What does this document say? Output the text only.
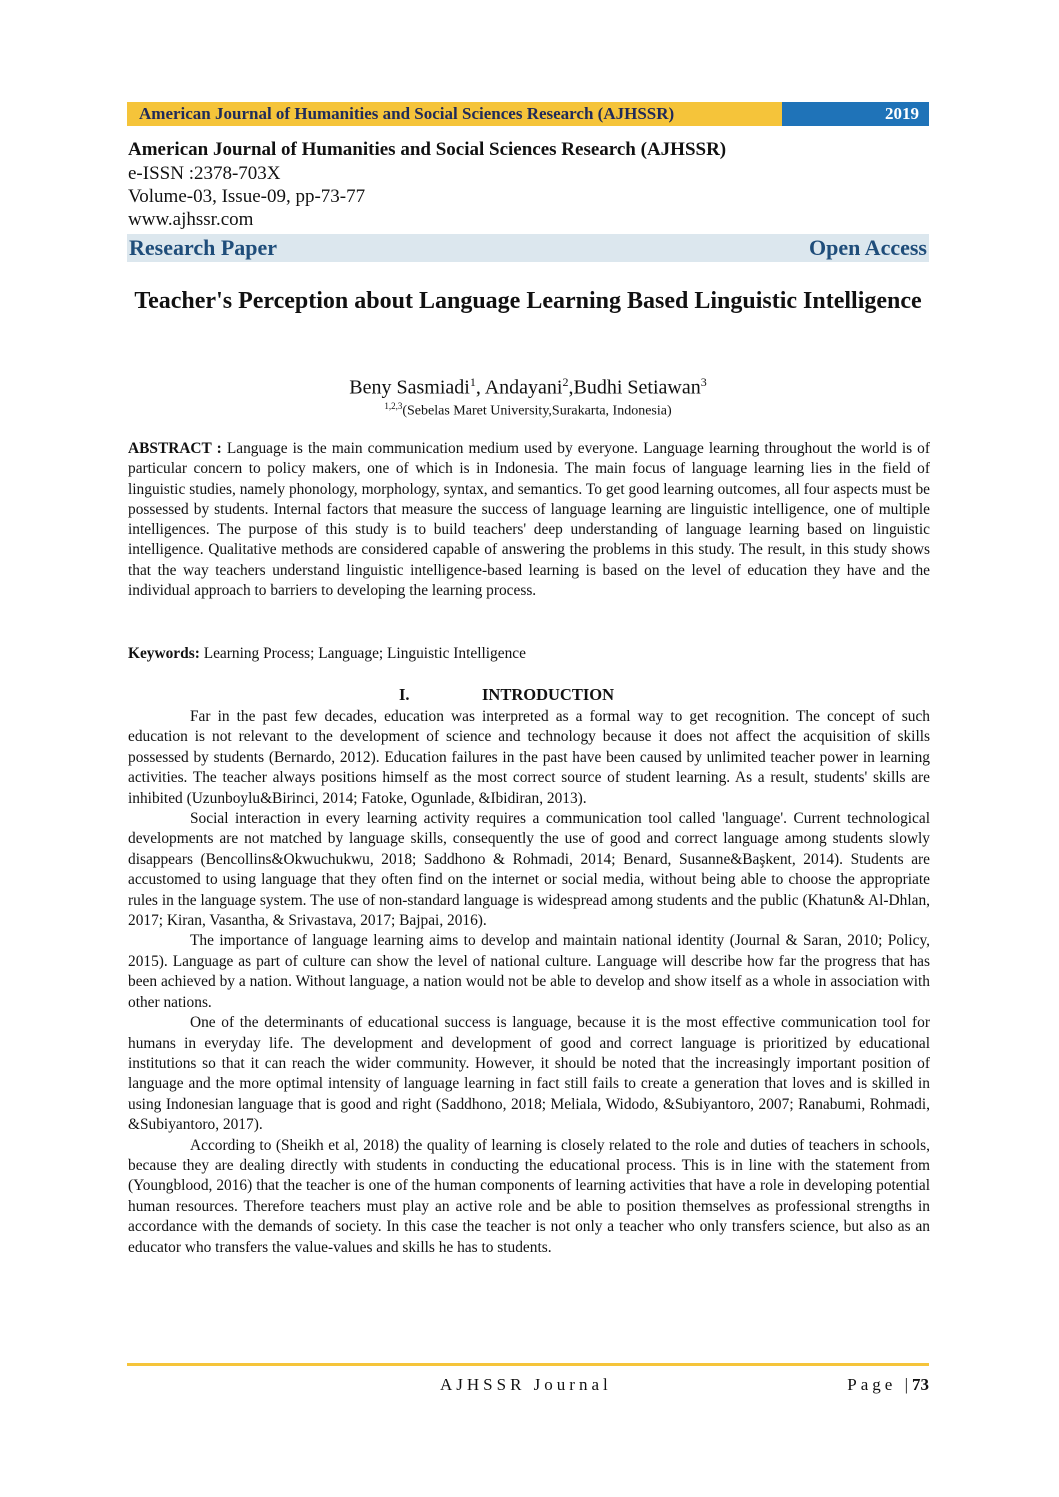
American Journal of Humanities and Social Sciences Research (AJHSSR)	2019
American Journal of Humanities and Social Sciences Research (AJHSSR)
e-ISSN :2378-703X
Volume-03, Issue-09, pp-73-77
www.ajhssr.com
Research Paper	Open Access
Teacher's Perception about Language Learning Based Linguistic Intelligence
Beny Sasmiadi$^1$, Andayani$^2$,Budhi Setiawan$^3$
$^{1,2,3}$(Sebelas Maret University,Surakarta, Indonesia)

ABSTRACT : Language is the main communication medium used by everyone. Language learning throughout the world is of particular concern to policy makers, one of which is in Indonesia. The main focus of language learning lies in the field of linguistic studies, namely phonology, morphology, syntax, and semantics. To get good learning outcomes, all four aspects must be possessed by students. Internal factors that measure the success of language learning are linguistic intelligence, one of multiple intelligences. The purpose of this study is to build teachers' deep understanding of language learning based on linguistic intelligence. Qualitative methods are considered capable of answering the problems in this study. The result, in this study shows that the way teachers understand linguistic intelligence-based learning is based on the level of education they have and the individual approach to barriers to developing the learning process.

Keywords: Learning Process; Language; Linguistic Intelligence
I.	INTRODUCTION

Far in the past few decades, education was interpreted as a formal way to get recognition. The concept of such education is not relevant to the development of science and technology because it does not affect the acquisition of skills possessed by students (Bernardo, 2012). Education failures in the past have been caused by unlimited teacher power in learning activities. The teacher always positions himself as the most correct source of student learning. As a result, students' skills are inhibited (Uzunboylu&Birinci, 2014; Fatoke, Ogunlade, &Ibidiran, 2013).

Social interaction in every learning activity requires a communication tool called 'language'. Current technological developments are not matched by language skills, consequently the use of good and correct language among students slowly disappears (Bencollins&Okwuchukwu, 2018; Saddhono & Rohmadi, 2014; Benard, Susanne&Başkent, 2014). Students are accustomed to using language that they often find on the internet or social media, without being able to choose the appropriate rules in the language system. The use of non-standard language is widespread among students and the public (Khatun& Al-Dhlan, 2017; Kiran, Vasantha, & Srivastava, 2017; Bajpai, 2016).

The importance of language learning aims to develop and maintain national identity (Journal & Saran, 2010; Policy, 2015). Language as part of culture can show the level of national culture. Language will describe how far the progress that has been achieved by a nation. Without language, a nation would not be able to develop and show itself as a whole in association with other nations.

One of the determinants of educational success is language, because it is the most effective communication tool for humans in everyday life. The development and development of good and correct language is prioritized by educational institutions so that it can reach the wider community. However, it should be noted that the increasingly important position of language and the more optimal intensity of language learning in fact still fails to create a generation that loves and is skilled in using Indonesian language that is good and right (Saddhono, 2018; Meliala, Widodo, &Subiyantoro, 2007; Ranabumi, Rohmadi, &Subiyantoro, 2017).

According to (Sheikh et al, 2018) the quality of learning is closely related to the role and duties of teachers in schools, because they are dealing directly with students in conducting the educational process. This is in line with the statement from (Youngblood, 2016) that the teacher is one of the human components of learning activities that have a role in developing potential human resources. Therefore teachers must play an active role and be able to position themselves as professional strengths in accordance with the demands of society. In this case the teacher is not only a teacher who only transfers science, but also as an educator who transfers the value-values and skills he has to students.

AJHSSR Journal	Page |73
